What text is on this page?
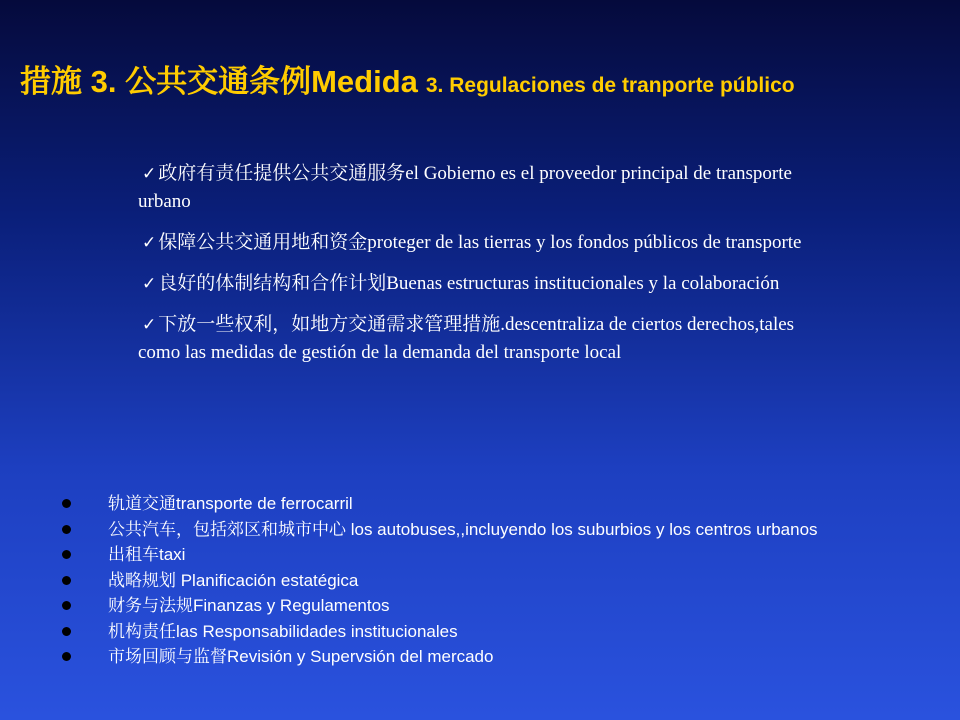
措施 3. 公共交通条例Medida 3. Regulaciones de tranporte público
✓ 政府有责任提供公共交通服务el Gobierno es el proveedor principal de transporte urbano
✓ 保障公共交通用地和资金proteger de las tierras y los fondos públicos de transporte
✓ 良好的体制结构和合作计划Buenas estructuras institucionales y la colaboración
✓ 下放一些权利，如地方交通需求管理措施.descentraliza de ciertos derechos,tales como las medidas de gestión de la demanda del transporte local
轨道交通transporte de ferrocarril
公共汽车，包括郊区和城市中心 los autobuses,,incluyendo los suburbios y los centros urbanos
出租车taxi
战略规划 Planificación estatégica
财务与法规Finanzas y Regulamentos
机构责任las Responsabilidades institucionales
市场回顾与监督Revisión y Supervsión del mercado
